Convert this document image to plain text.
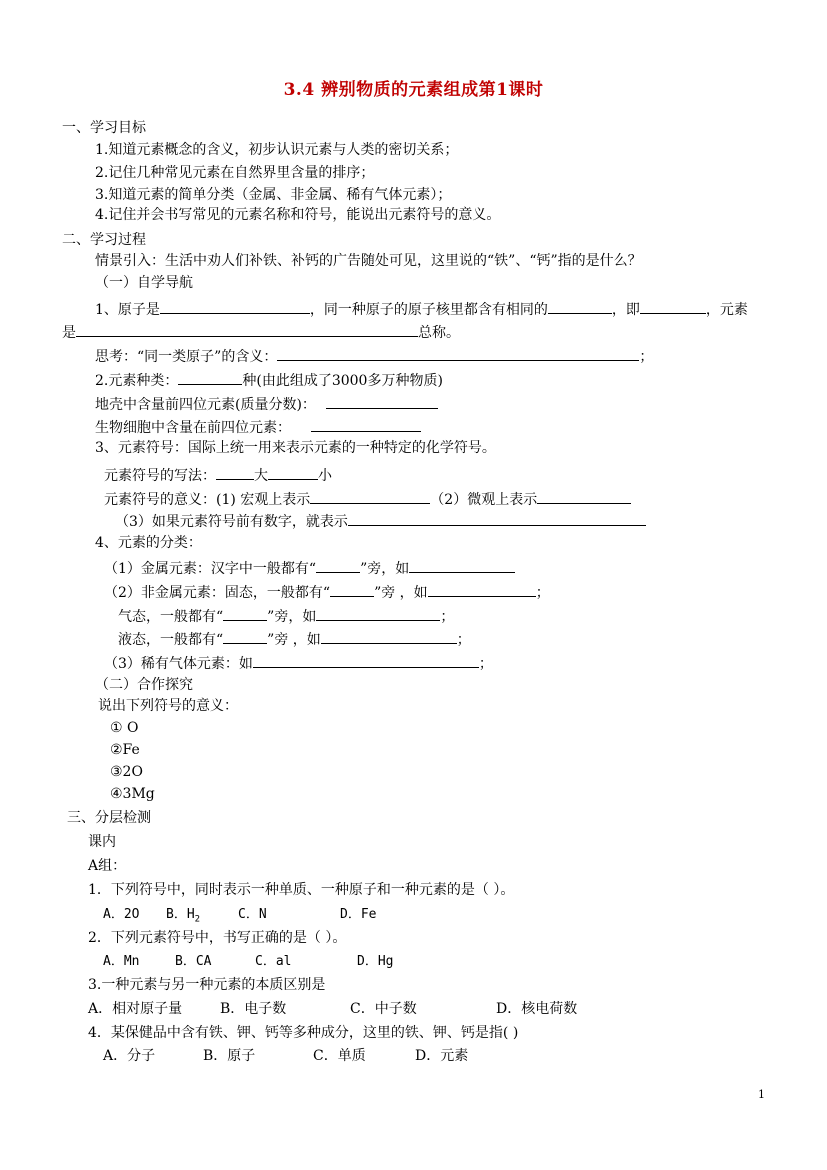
3.4 辨别物质的元素组成第1课时
一、学习目标
1.知道元素概念的含义，初步认识元素与人类的密切关系；
2.记住几种常见元素在自然界里含量的排序；
3.知道元素的简单分类（金属、非金属、稀有气体元素）；
4.记住并会书写常见的元素名称和符号，能说出元素符号的意义。
二、学习过程
情景引入：生活中劝人们补铁、补钙的广告随处可见，这里说的“铁”、“钙”指的是什么？
（一）自学导航
1、原子是	，同一种原子的原子核里都含有相同的	，即	，元素
是	总称。
思考：“同一类原子”的含义：	；
2.元素种类：	种(由此组成了3000多万种物质)
地壳中含量前四位元素(质量分数)：
生物细胞中含量在前四位元素：
3、元素符号：国际上统一用来表示元素的一种特定的化学符号。
元素符号的写法：	大	小
元素符号的意义：(1) 宏观上表示	（2）微观上表示
（3）如果元素符号前有数字，就表示
4、元素的分类：
（1）金属元素：汉字中一般都有“	”旁，如
（2）非金属元素：固态，一般都有“	”旁 ，如	；
气态，一般都有“	”旁，如	；
液态，一般都有“	”旁 ，如	；
（3）稀有气体元素：如	；
（二）合作探究
说出下列符号的意义：
① O
②Fe
③2O
④3Mg
三、分层检测
课内
A组：
1．下列符号中，同时表示一种单质、一种原子和一种元素的是（ ）。
A．2O B．$H_2$	C．N	D．Fe
2．下列元素符号中，书写正确的是（ ）。
A．Mn	B．CA	C．al	D．Hg
3.一种元素与另一种元素的本质区别是
A．相对原子量	B．电子数	C．中子数	D．核电荷数
4．某保健品中含有铁、钾、钙等多种成分，这里的铁、钾、钙是指( )
A．分子	B．原子	C．单质	D．元素
1
